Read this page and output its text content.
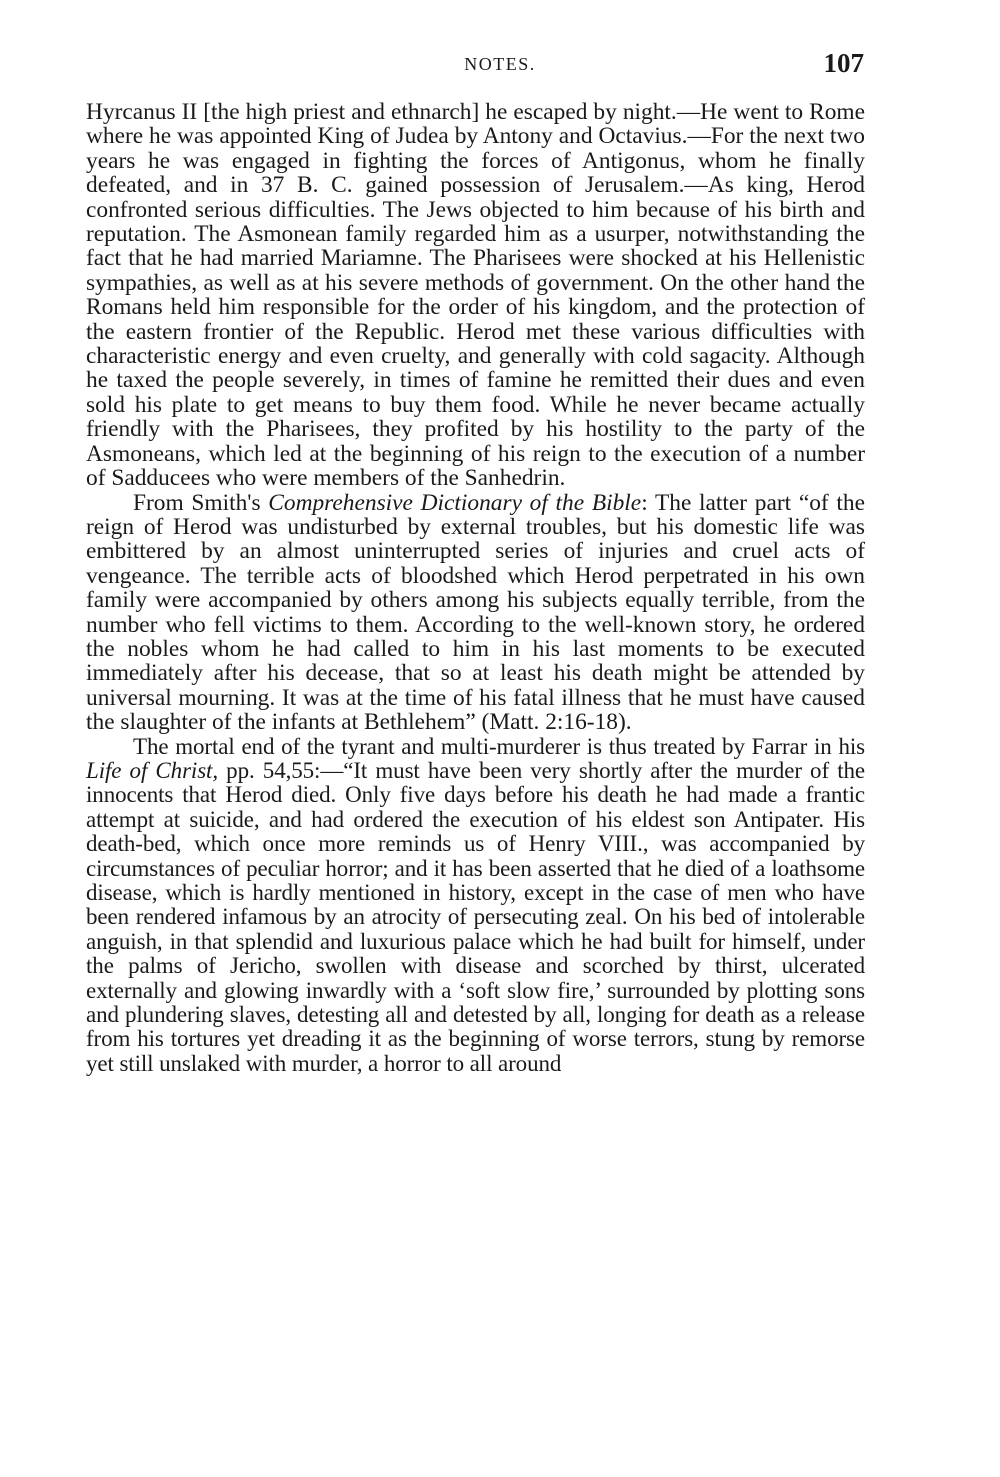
NOTES.	107

Hyrcanus II [the high priest and ethnarch] he escaped by night.—He went to Rome where he was appointed King of Judea by Antony and Octavius.—For the next two years he was engaged in fighting the forces of Antigonus, whom he finally defeated, and in 37 B. C. gained possession of Jerusalem.—As king, Herod confronted serious difficulties. The Jews objected to him because of his birth and reputation. The Asmonean family regarded him as a usurper, notwithstanding the fact that he had married Mariamne. The Pharisees were shocked at his Hellenistic sympathies, as well as at his severe methods of government. On the other hand the Romans held him responsible for the order of his kingdom, and the protection of the eastern frontier of the Republic. Herod met these various difficulties with characteristic energy and even cruelty, and generally with cold sagacity. Although he taxed the people severely, in times of famine he remitted their dues and even sold his plate to get means to buy them food. While he never became actually friendly with the Pharisees, they profited by his hostility to the party of the Asmoneans, which led at the beginning of his reign to the execution of a number of Sadducees who were members of the Sanhedrin.

From Smith's Comprehensive Dictionary of the Bible: The latter part “of the reign of Herod was undisturbed by external troubles, but his domestic life was embittered by an almost uninterrupted series of injuries and cruel acts of vengeance. The terrible acts of bloodshed which Herod perpetrated in his own family were accompanied by others among his subjects equally terrible, from the number who fell victims to them. According to the well-known story, he ordered the nobles whom he had called to him in his last moments to be executed immediately after his decease, that so at least his death might be attended by universal mourning. It was at the time of his fatal illness that he must have caused the slaughter of the infants at Bethlehem” (Matt. 2:16-18).

The mortal end of the tyrant and multi-murderer is thus treated by Farrar in his Life of Christ, pp. 54,55:—“It must have been very shortly after the murder of the innocents that Herod died. Only five days before his death he had made a frantic attempt at suicide, and had ordered the execution of his eldest son Antipater. His death-bed, which once more reminds us of Henry VIII., was accompanied by circumstances of peculiar horror; and it has been asserted that he died of a loathsome disease, which is hardly mentioned in history, except in the case of men who have been rendered infamous by an atrocity of persecuting zeal. On his bed of intolerable anguish, in that splendid and luxurious palace which he had built for himself, under the palms of Jericho, swollen with disease and scorched by thirst, ulcerated externally and glowing inwardly with a ‘soft slow fire,’ surrounded by plotting sons and plundering slaves, detesting all and detested by all, longing for death as a release from his tortures yet dreading it as the beginning of worse terrors, stung by remorse yet still unslaked with murder, a horror to all around
